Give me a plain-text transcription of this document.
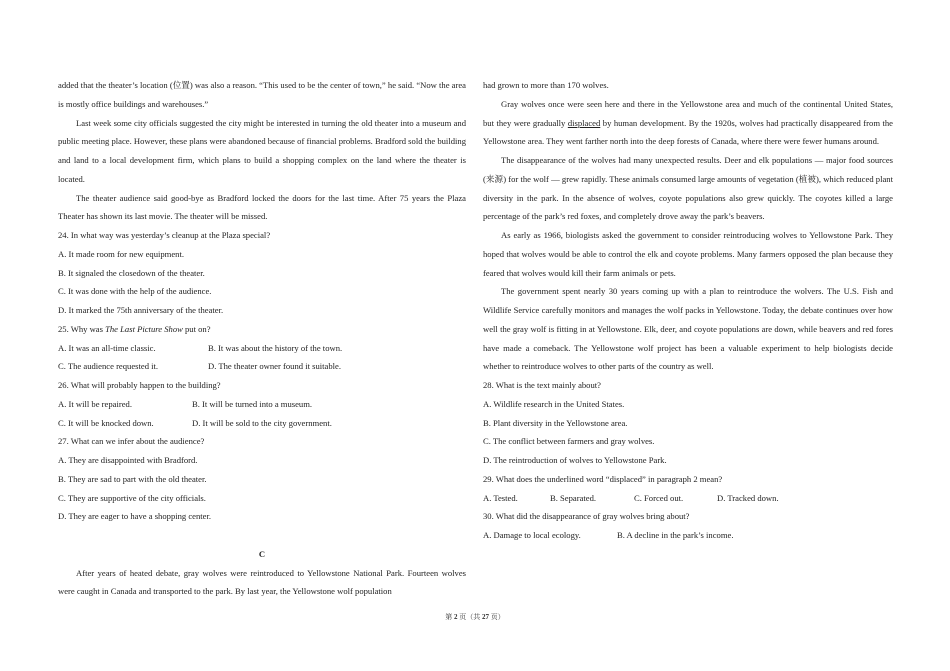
added that the theater’s location (位置) was also a reason. “This used to be the center of town,” he said. “Now the area is mostly office buildings and warehouses.”

Last week some city officials suggested the city might be interested in turning the old theater into a museum and public meeting place. However, these plans were abandoned because of financial problems. Bradford sold the building and land to a local development firm, which plans to build a shopping complex on the land where the theater is located.

The theater audience said good-bye as Bradford locked the doors for the last time. After 75 years the Plaza Theater has shown its last movie. The theater will be missed.

24. In what way was yesterday’s cleanup at the Plaza special?

A. It made room for new equipment.

B. It signaled the closedown of the theater.

C. It was done with the help of the audience.

D. It marked the 75th anniversary of the theater.

25. Why was The Last Picture Show put on?

A. It was an all-time classic.	B. It was about the history of the town.
C. The audience requested it.	D. The theater owner found it suitable.

26. What will probably happen to the building?

A. It will be repaired.	B. It will be turned into a museum.
C. It will be knocked down.	D. It will be sold to the city government.

27. What can we infer about the audience?

A. They are disappointed with Bradford.

B. They are sad to part with the old theater.

C. They are supportive of the city officials.

D. They are eager to have a shopping center.

C

After years of heated debate, gray wolves were reintroduced to Yellowstone National Park. Fourteen wolves were caught in Canada and transported to the park. By last year, the Yellowstone wolf population

had grown to more than 170 wolves.

Gray wolves once were seen here and there in the Yellowstone area and much of the continental United States, but they were gradually displaced by human development. By the 1920s, wolves had practically disappeared from the Yellowstone area. They went farther north into the deep forests of Canada, where there were fewer humans around.

The disappearance of the wolves had many unexpected results. Deer and elk populations — major food sources (来源) for the wolf — grew rapidly. These animals consumed large amounts of vegetation (植被), which reduced plant diversity in the park. In the absence of wolves, coyote populations also grew quickly. The coyotes killed a large percentage of the park’s red foxes, and completely drove away the park’s beavers.

As early as 1966, biologists asked the government to consider reintroducing wolves to Yellowstone Park. They hoped that wolves would be able to control the elk and coyote problems. Many farmers opposed the plan because they feared that wolves would kill their farm animals or pets.

The government spent nearly 30 years coming up with a plan to reintroduce the wolvers. The U.S. Fish and Wildlife Service carefully monitors and manages the wolf packs in Yellowstone. Today, the debate continues over how well the gray wolf is fitting in at Yellowstone. Elk, deer, and coyote populations are down, while beavers and red fores have made a comeback. The Yellowstone wolf project has been a valuable experiment to help biologists decide whether to reintroduce wolves to other parts of the country as well.

28. What is the text mainly about?

A. Wildlife research in the United States.

B. Plant diversity in the Yellowstone area.

C. The conflict between farmers and gray wolves.

D. The reintroduction of wolves to Yellowstone Park.

29. What does the underlined word “displaced” in paragraph 2 mean?

A. Tested.	B. Separated.	C. Forced out.	D. Tracked down.

30. What did the disappearance of gray wolves bring about?

A. Damage to local ecology.	B. A decline in the park’s income.
第 2 页（共 27 页）
